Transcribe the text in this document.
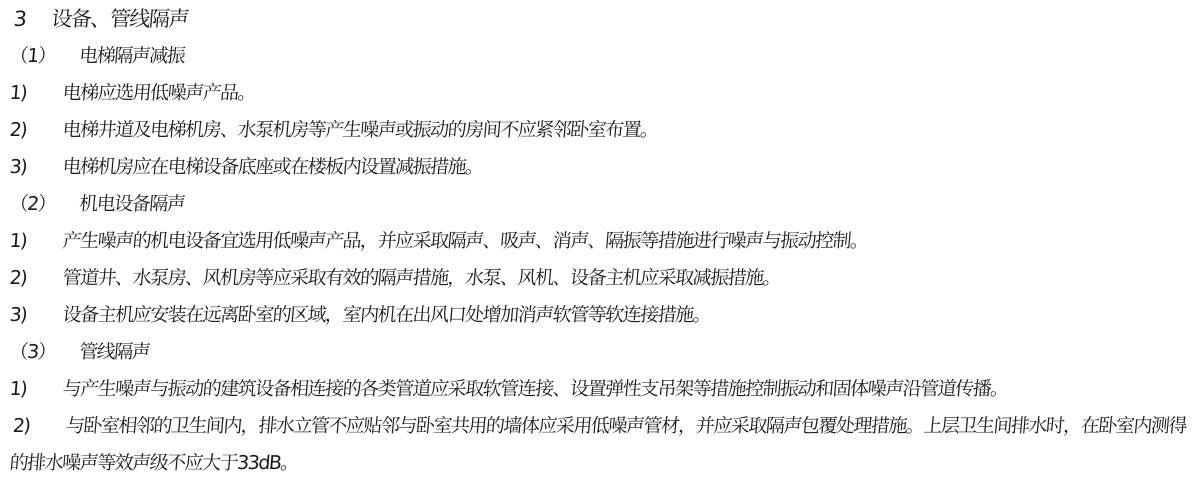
3 设备、管线隔声
（1） 电梯隔声减振
1) 电梯应选用低噪声产品。
2) 电梯井道及电梯机房、水泵机房等产生噪声或振动的房间不应紧邻卧室布置。
3) 电梯机房应在电梯设备底座或在楼板内设置减振措施。
（2） 机电设备隔声
1) 产生噪声的机电设备宜选用低噪声产品，并应采取隔声、吸声、消声、隔振等措施进行噪声与振动控制。
2) 管道井、水泵房、风机房等应采取有效的隔声措施，水泵、风机、设备主机应采取减振措施。
3) 设备主机应安装在远离卧室的区域，室内机在出风口处增加消声软管等软连接措施。
（3） 管线隔声
1) 与产生噪声与振动的建筑设备相连接的各类管道应采取软管连接、设置弹性支吊架等措施控制振动和固体噪声沿管道传播。
2) 与卧室相邻的卫生间内，排水立管不应贴邻与卧室共用的墙体应采用低噪声管材，并应采取隔声包覆处理措施。上层卫生间排水时，在卧室内测得的排水噪声等效声级不应大于33dB。
